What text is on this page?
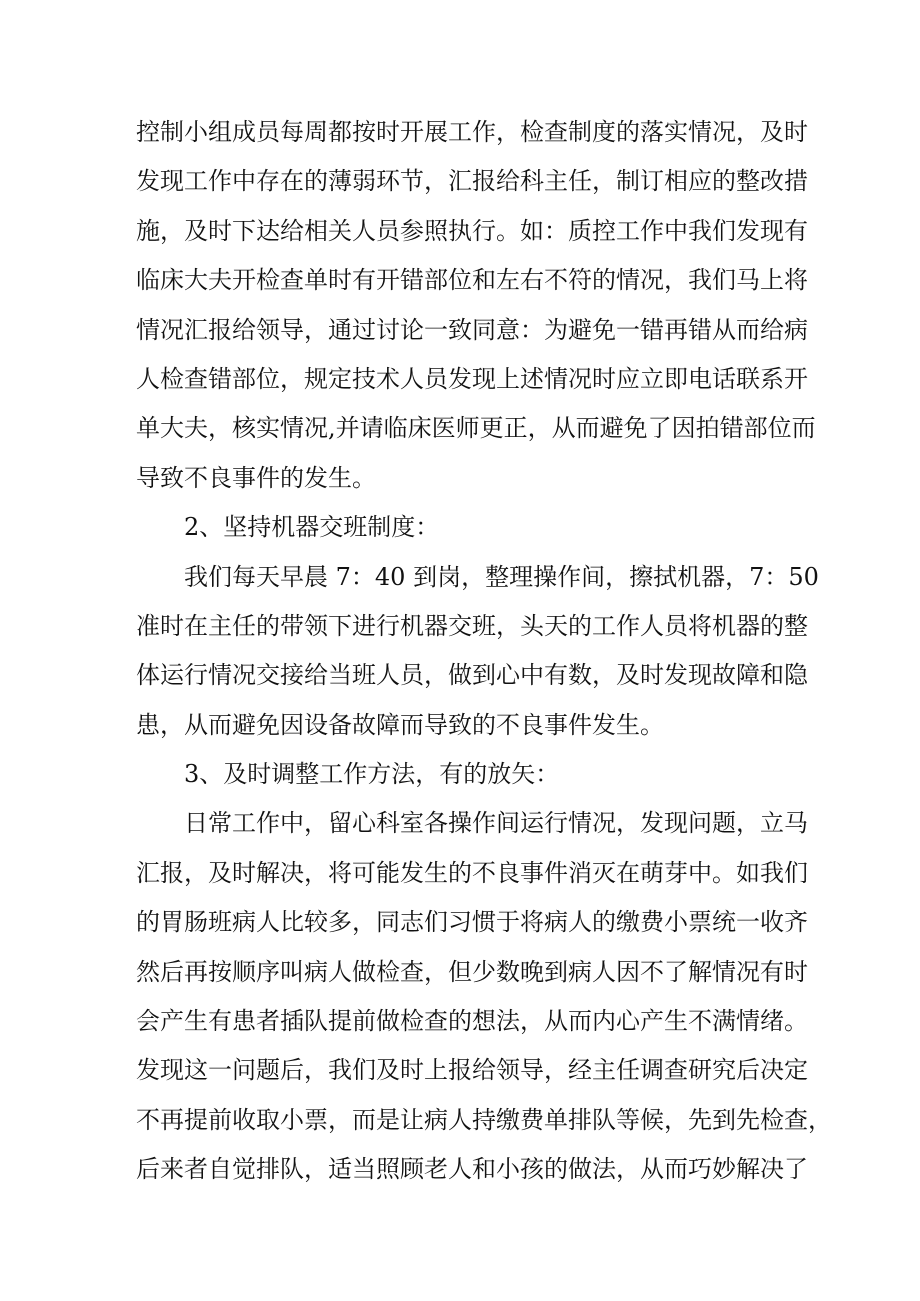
控制小组成员每周都按时开展工作，检查制度的落实情况，及时
发现工作中存在的薄弱环节，汇报给科主任，制订相应的整改措
施，及时下达给相关人员参照执行。如：质控工作中我们发现有
临床大夫开检查单时有开错部位和左右不符的情况，我们马上将
情况汇报给领导，通过讨论一致同意：为避免一错再错从而给病
人检查错部位，规定技术人员发现上述情况时应立即电话联系开
单大夫，核实情况,并请临床医师更正，从而避免了因拍错部位而
导致不良事件的发生。
2、坚持机器交班制度：
我们每天早晨 7：40 到岗，整理操作间，擦拭机器，7：50
准时在主任的带领下进行机器交班，头天的工作人员将机器的整
体运行情况交接给当班人员，做到心中有数，及时发现故障和隐
患，从而避免因设备故障而导致的不良事件发生。
3、及时调整工作方法，有的放矢：
日常工作中，留心科室各操作间运行情况，发现问题，立马
汇报，及时解决，将可能发生的不良事件消灭在萌芽中。如我们
的胃肠班病人比较多，同志们习惯于将病人的缴费小票统一收齐
然后再按顺序叫病人做检查，但少数晚到病人因不了解情况有时
会产生有患者插队提前做检查的想法，从而内心产生不满情绪。
发现这一问题后，我们及时上报给领导，经主任调查研究后决定
不再提前收取小票，而是让病人持缴费单排队等候，先到先检查，
后来者自觉排队，适当照顾老人和小孩的做法，从而巧妙解决了
